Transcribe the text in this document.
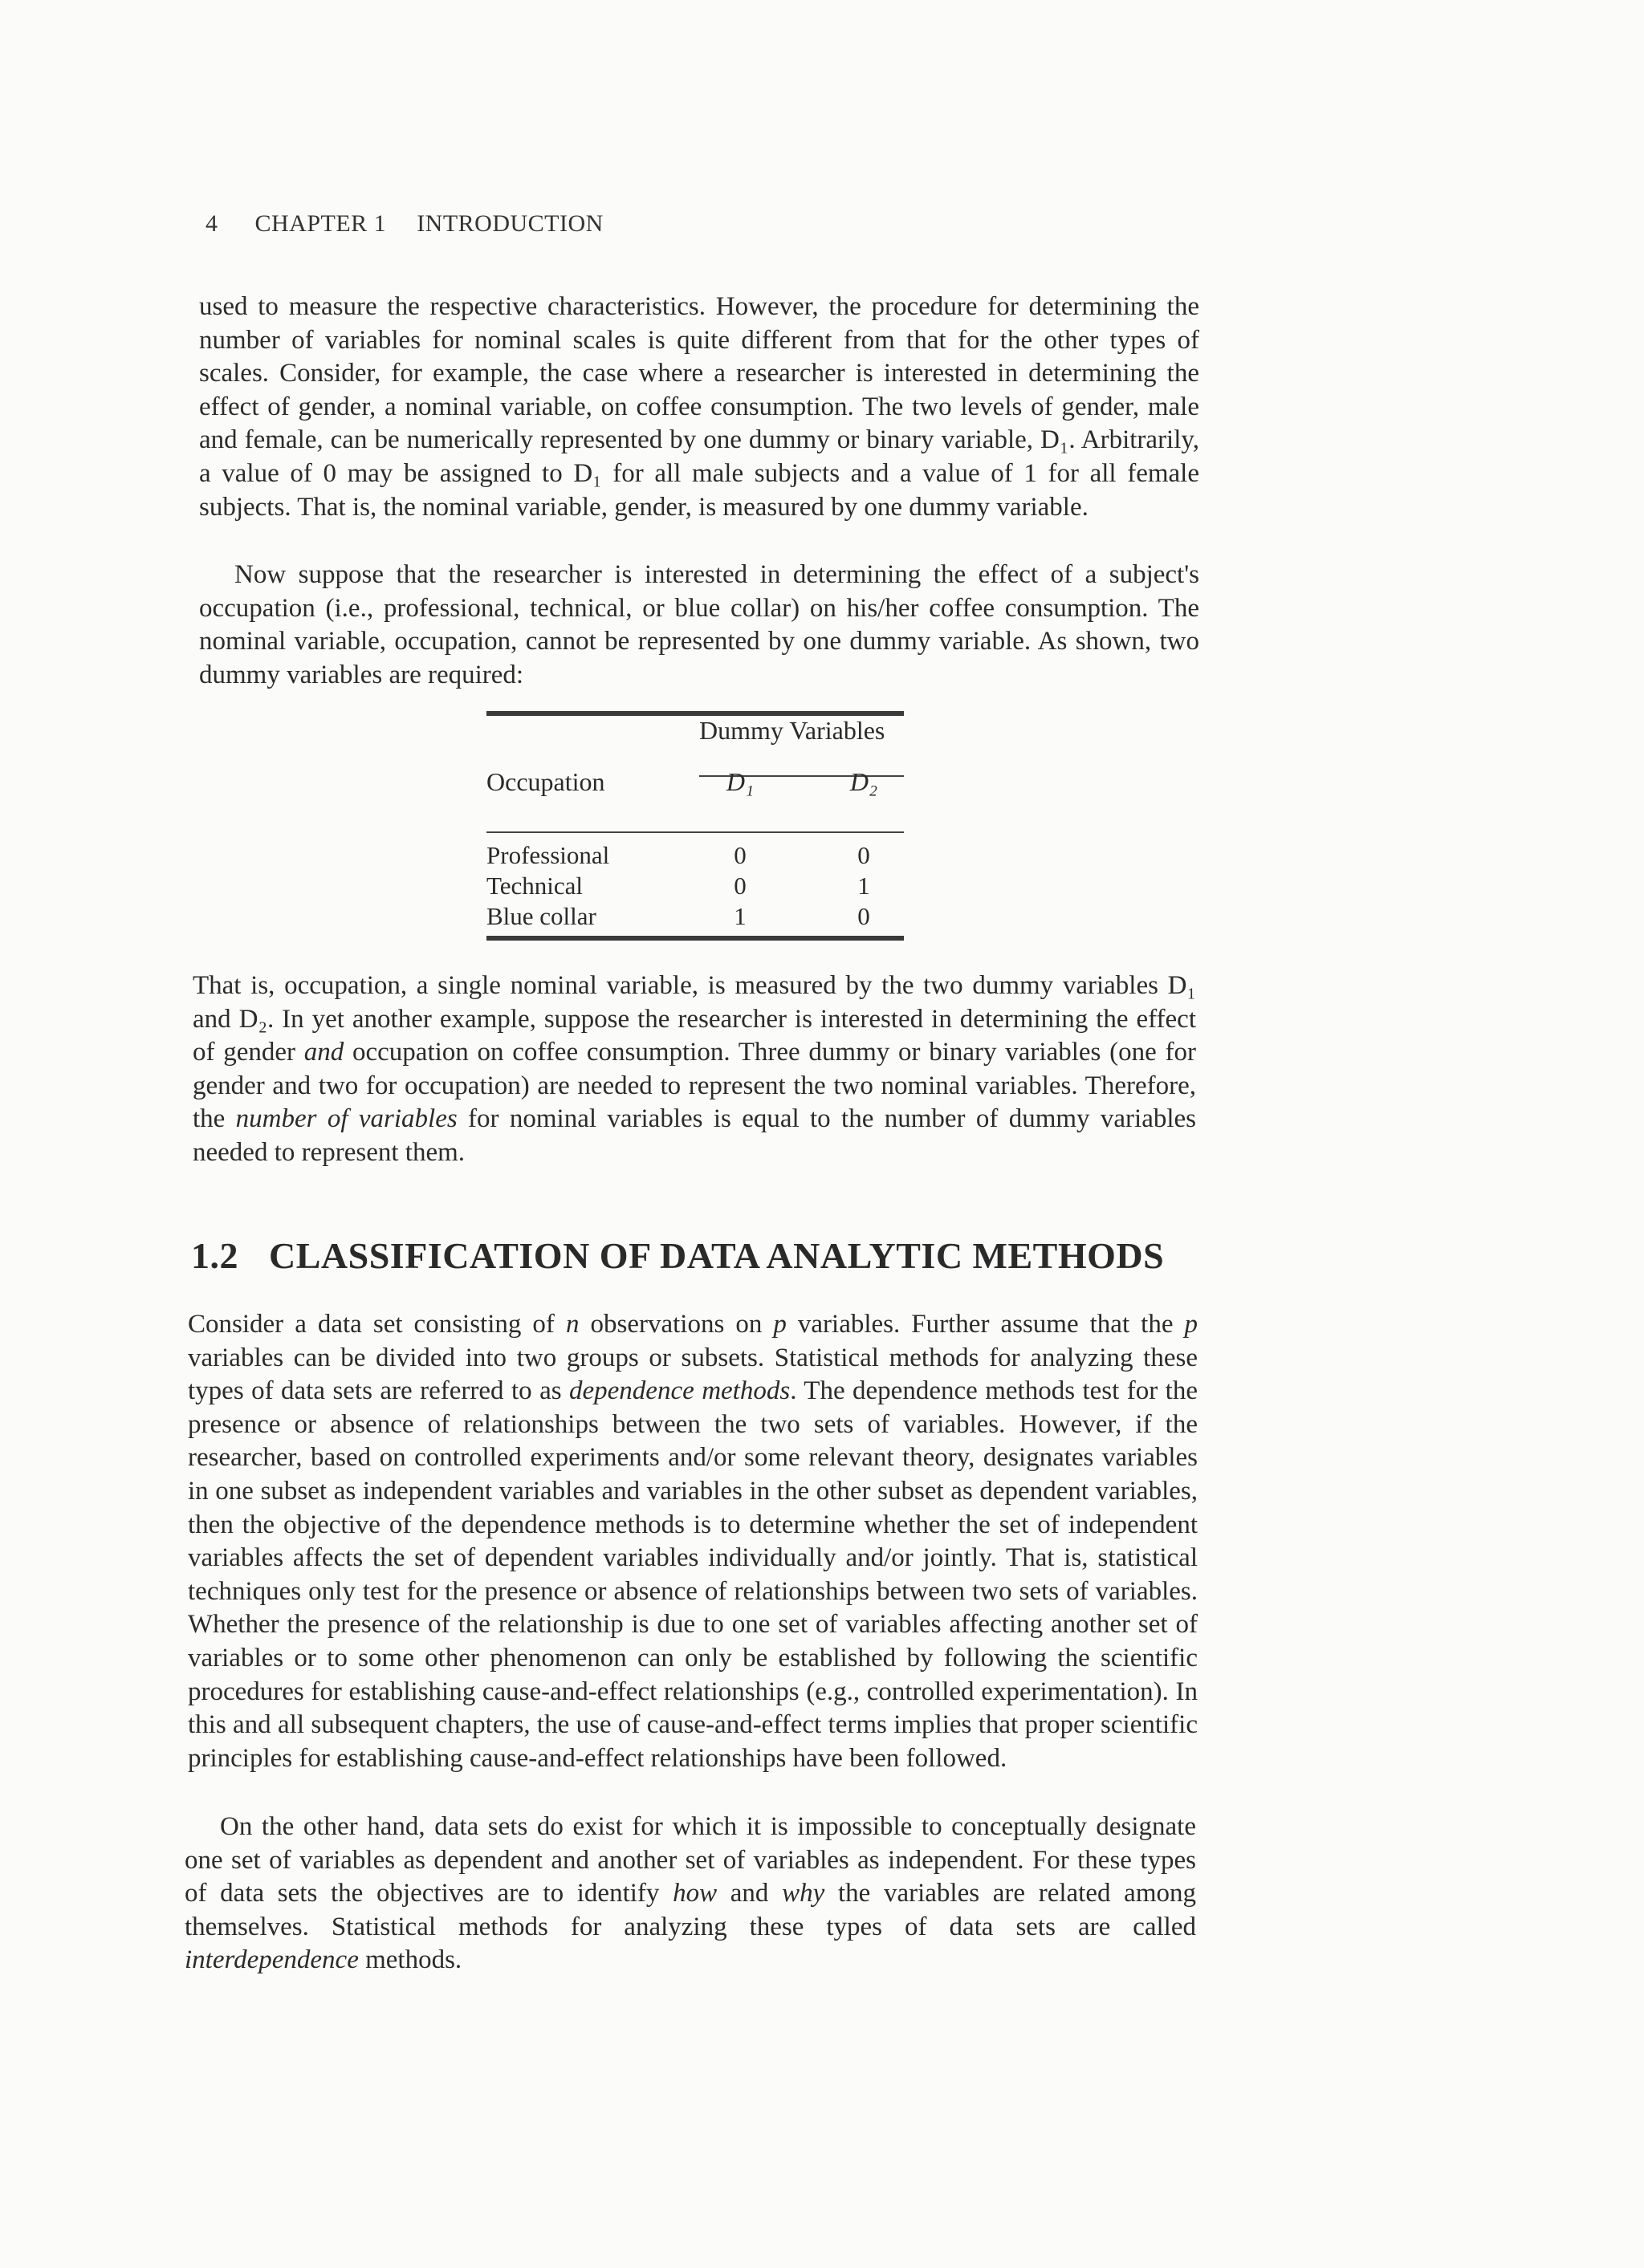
4 CHAPTER 1 INTRODUCTION

used to measure the respective characteristics. However, the procedure for determining the number of variables for nominal scales is quite different from that for the other types of scales. Consider, for example, the case where a researcher is interested in determining the effect of gender, a nominal variable, on coffee consumption. The two levels of gender, male and female, can be numerically represented by one dummy or binary variable, D₁. Arbitrarily, a value of 0 may be assigned to D₁ for all male subjects and a value of 1 for all female subjects. That is, the nominal variable, gender, is measured by one dummy variable.

Now suppose that the researcher is interested in determining the effect of a subject's occupation (i.e., professional, technical, or blue collar) on his/her coffee consumption. The nominal variable, occupation, cannot be represented by one dummy variable. As shown, two dummy variables are required:

Dummy Variables
Occupation	D₁	D₂
Professional	0	0
Technical	0	1
Blue collar	1	0

That is, occupation, a single nominal variable, is measured by the two dummy variables D₁ and D₂. In yet another example, suppose the researcher is interested in determining the effect of gender and occupation on coffee consumption. Three dummy or binary variables (one for gender and two for occupation) are needed to represent the two nominal variables. Therefore, the number of variables for nominal variables is equal to the number of dummy variables needed to represent them.

1.2 CLASSIFICATION OF DATA ANALYTIC METHODS

Consider a data set consisting of n observations on p variables. Further assume that the p variables can be divided into two groups or subsets. Statistical methods for analyzing these types of data sets are referred to as dependence methods. The dependence methods test for the presence or absence of relationships between the two sets of variables. However, if the researcher, based on controlled experiments and/or some relevant theory, designates variables in one subset as independent variables and variables in the other subset as dependent variables, then the objective of the dependence methods is to determine whether the set of independent variables affects the set of dependent variables individually and/or jointly. That is, statistical techniques only test for the presence or absence of relationships between two sets of variables. Whether the presence of the relationship is due to one set of variables affecting another set of variables or to some other phenomenon can only be established by following the scientific procedures for establishing cause-and-effect relationships (e.g., controlled experimentation). In this and all subsequent chapters, the use of cause-and-effect terms implies that proper scientific principles for establishing cause-and-effect relationships have been followed.

On the other hand, data sets do exist for which it is impossible to conceptually designate one set of variables as dependent and another set of variables as independent. For these types of data sets the objectives are to identify how and why the variables are related among themselves. Statistical methods for analyzing these types of data sets are called interdependence methods.
